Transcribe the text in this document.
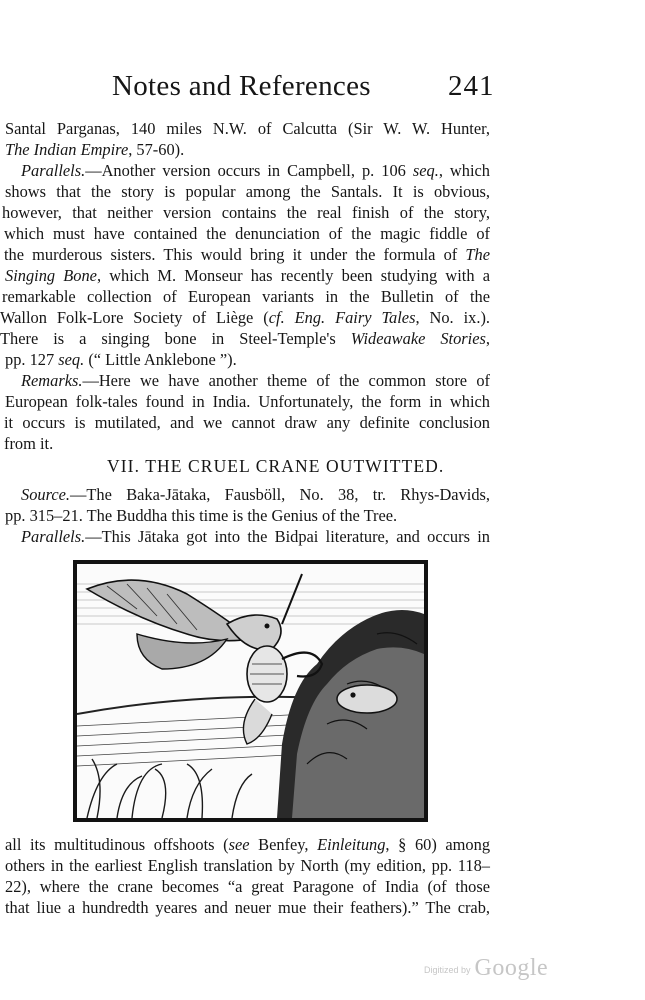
Notes and References	241
Santal Parganas, 140 miles N.W. of Calcutta (Sir W. W. Hunter,
The Indian Empire, 57-60).
Parallels.—Another version occurs in Campbell, p. 106 seq., which
shows that the story is popular among the Santals. It is obvious,
however, that neither version contains the real finish of the story,
which must have contained the denunciation of the magic fiddle of
the murderous sisters. This would bring it under the formula of The
Singing Bone, which M. Monseur has recently been studying with a
remarkable collection of European variants in the Bulletin of the
Wallon Folk-Lore Society of Liège (cf. Eng. Fairy Tales, No. ix.).
There is a singing bone in Steel-Temple's Wideawake Stories,
pp. 127 seq. (“ Little Anklebone ”).
Remarks.—Here we have another theme of the common store of
European folk-tales found in India. Unfortunately, the form in which
it occurs is mutilated, and we cannot draw any definite conclusion
from it.
VII. THE CRUEL CRANE OUTWITTED.
Source.—The Baka-Jātaka, Fausböll, No. 38, tr. Rhys-Davids,
pp. 315–21. The Buddha this time is the Genius of the Tree.
Parallels.—This Jātaka got into the Bidpai literature, and occurs in
all its multitudinous offshoots (see Benfey, Einleitung, § 60) among
others in the earliest English translation by North (my edition, pp. 118–
22), where the crane becomes “a great Paragone of India (of those
that liue a hundredth yeares and neuer mue their feathers).” The crab,
Digitized by Google
